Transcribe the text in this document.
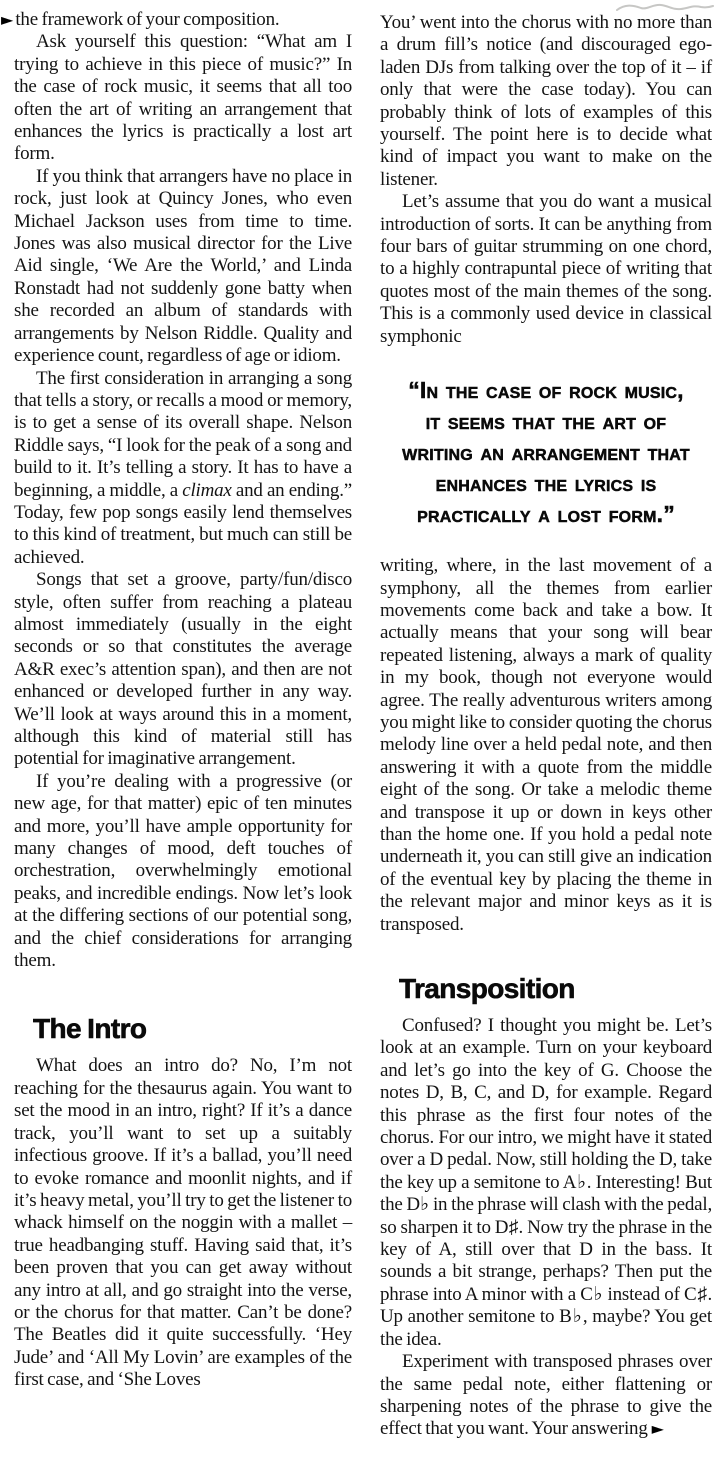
► the framework of your composition.

Ask yourself this question: “What am I trying to achieve in this piece of music?” In the case of rock music, it seems that all too often the art of writing an arrangement that enhances the lyrics is practically a lost art form.

If you think that arrangers have no place in rock, just look at Quincy Jones, who even Michael Jackson uses from time to time. Jones was also musical director for the Live Aid single, ‘We Are the World,’ and Linda Ronstadt had not suddenly gone batty when she recorded an album of standards with arrangements by Nelson Riddle. Quality and experience count, regardless of age or idiom.

The first consideration in arranging a song that tells a story, or recalls a mood or memory, is to get a sense of its overall shape. Nelson Riddle says, “I look for the peak of a song and build to it. It’s telling a story. It has to have a beginning, a middle, a climax and an ending.” Today, few pop songs easily lend themselves to this kind of treatment, but much can still be achieved.

Songs that set a groove, party/fun/disco style, often suffer from reaching a plateau almost immediately (usually in the eight seconds or so that constitutes the average A&R exec’s attention span), and then are not enhanced or developed further in any way. We’ll look at ways around this in a moment, although this kind of material still has potential for imaginative arrangement.

If you’re dealing with a progressive (or new age, for that matter) epic of ten minutes and more, you’ll have ample opportunity for many changes of mood, deft touches of orchestration, overwhelmingly emotional peaks, and incredible endings. Now let’s look at the differing sections of our potential song, and the chief considerations for arranging them.

The Intro

What does an intro do? No, I’m not reaching for the thesaurus again. You want to set the mood in an intro, right? If it’s a dance track, you’ll want to set up a suitably infectious groove. If it’s a ballad, you’ll need to evoke romance and moonlit nights, and if it’s heavy metal, you’ll try to get the listener to whack himself on the noggin with a mallet – true headbanging stuff. Having said that, it’s been proven that you can get away without any intro at all, and go straight into the verse, or the chorus for that matter. Can’t be done? The Beatles did it quite successfully. ‘Hey Jude’ and ‘All My Lovin’ are examples of the first case, and ‘She Loves

You’ went into the chorus with no more than a drum fill’s notice (and discouraged ego-laden DJs from talking over the top of it – if only that were the case today). You can probably think of lots of examples of this yourself. The point here is to decide what kind of impact you want to make on the listener.

Let’s assume that you do want a musical introduction of sorts. It can be anything from four bars of guitar strumming on one chord, to a highly contrapuntal piece of writing that quotes most of the main themes of the song. This is a commonly used device in classical symphonic

“In the case of rock music,
it seems that the art of
writing an arrangement that
enhances the lyrics is
practically a lost form.”

writing, where, in the last movement of a symphony, all the themes from earlier movements come back and take a bow. It actually means that your song will bear repeated listening, always a mark of quality in my book, though not everyone would agree. The really adventurous writers among you might like to consider quoting the chorus melody line over a held pedal note, and then answering it with a quote from the middle eight of the song. Or take a melodic theme and transpose it up or down in keys other than the home one. If you hold a pedal note underneath it, you can still give an indication of the eventual key by placing the theme in the relevant major and minor keys as it is transposed.

Transposition

Confused? I thought you might be. Let’s look at an example. Turn on your keyboard and let’s go into the key of G. Choose the notes D, B, C, and D, for example. Regard this phrase as the first four notes of the chorus. For our intro, we might have it stated over a D pedal. Now, still holding the D, take the key up a semitone to A♭. Interesting! But the D♭ in the phrase will clash with the pedal, so sharpen it to D♯. Now try the phrase in the key of A, still over that D in the bass. It sounds a bit strange, perhaps? Then put the phrase into A minor with a C♭ instead of C♯. Up another semitone to B♭, maybe? You get the idea.

Experiment with transposed phrases over the same pedal note, either flattening or sharpening notes of the phrase to give the effect that you want. Your answering ►
